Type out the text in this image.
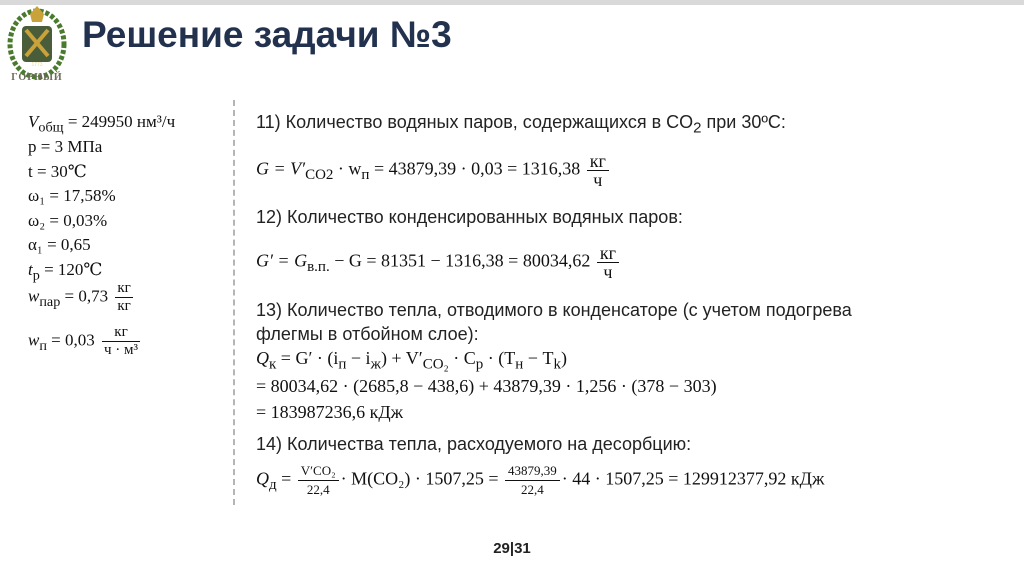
1773
ГОРНЫЙ
Решение задачи №3
$V_{общ} = 249950$ нм³/ч
p = 3 МПа
t = 30℃
ω₁ = 17,58%
ω₂ = 0,03%
α₁ = 0,65
$t_р$ = 120℃
$w_{пар} = 0,73 \frac{кг}{кг}$
$w_п = 0,03 \frac{кг}{\text{ч · м³}}$
11) Количество водяных паров, содержащихся в $CO_2$ при 30ºС:
$G = V'_{CO2} \cdot w_п = 43879,39 \cdot 0,03 = 1316,38 \frac{кг}{ч}$
12) Количество конденсированных водяных паров:
$G' = G_{в.п.} - G = 81351 - 1316,38 = 80034,62 \frac{кг}{ч}$
13) Количество тепла, отводимого в конденсаторе (с учетом подогрева
флегмы в отбойном слое):
$Q_к = G' \cdot (i_п - i_ж) + V'_{CO_2} \cdot C_p \cdot (T_н - T_k)$
= 80034,62 · (2685,8 − 438,6) + 43879,39 · 1,256 · (378 − 303)
= 183987236,6 кДж
14) Количества тепла, расходуемого на десорбцию:
$Q_д = \frac{\text{V′CO₂}}{22,4} \cdot M(CO_2) \cdot 1507,25 = \frac{43879,39}{22,4} \cdot 44 \cdot 1507,25 = 129912377,92$ кДж
29|31
